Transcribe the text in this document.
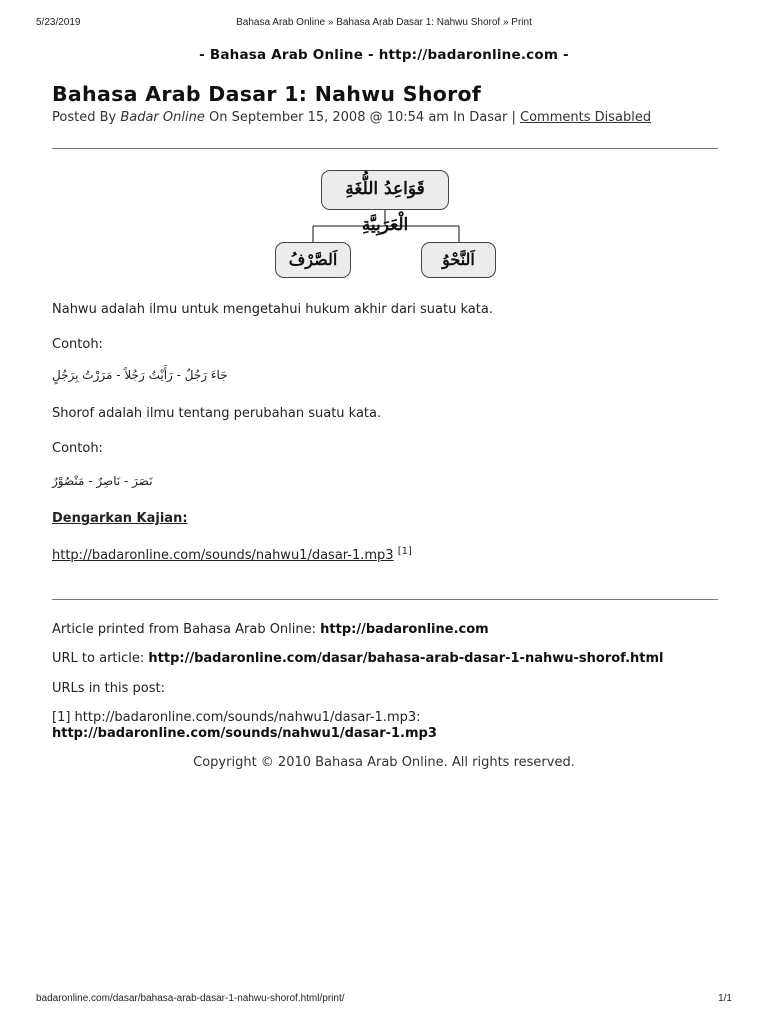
5/23/2019	Bahasa Arab Online » Bahasa Arab Dasar 1: Nahwu Shorof » Print
- Bahasa Arab Online - http://badaronline.com -
Bahasa Arab Dasar 1: Nahwu Shorof
Posted By Badar Online On September 15, 2008 @ 10:54 am In Dasar | Comments Disabled
قَوَاعِدُ اللُّغَةِ الْعَرَبِيَّةِ
اَلصَّرْفُ	اَلنَّحْوُ
Nahwu adalah ilmu untuk mengetahui hukum akhir dari suatu kata.
Contoh:
جَاءَ رَجُلٌ - رَأَيْتُ رَجُلاً - مَرَرْتُ بِرَجُلٍ
Shorof adalah ilmu tentang perubahan suatu kata.
Contoh:
نَصَرَ - نَاصِرٌ - مَنْصُوْرٌ
Dengarkan Kajian:
http://badaronline.com/sounds/nahwu1/dasar-1.mp3 [1]
Article printed from Bahasa Arab Online: http://badaronline.com
URL to article: http://badaronline.com/dasar/bahasa-arab-dasar-1-nahwu-shorof.html
URLs in this post:
[1] http://badaronline.com/sounds/nahwu1/dasar-1.mp3:
http://badaronline.com/sounds/nahwu1/dasar-1.mp3
Copyright © 2010 Bahasa Arab Online. All rights reserved.
badaronline.com/dasar/bahasa-arab-dasar-1-nahwu-shorof.html/print/	1/1
